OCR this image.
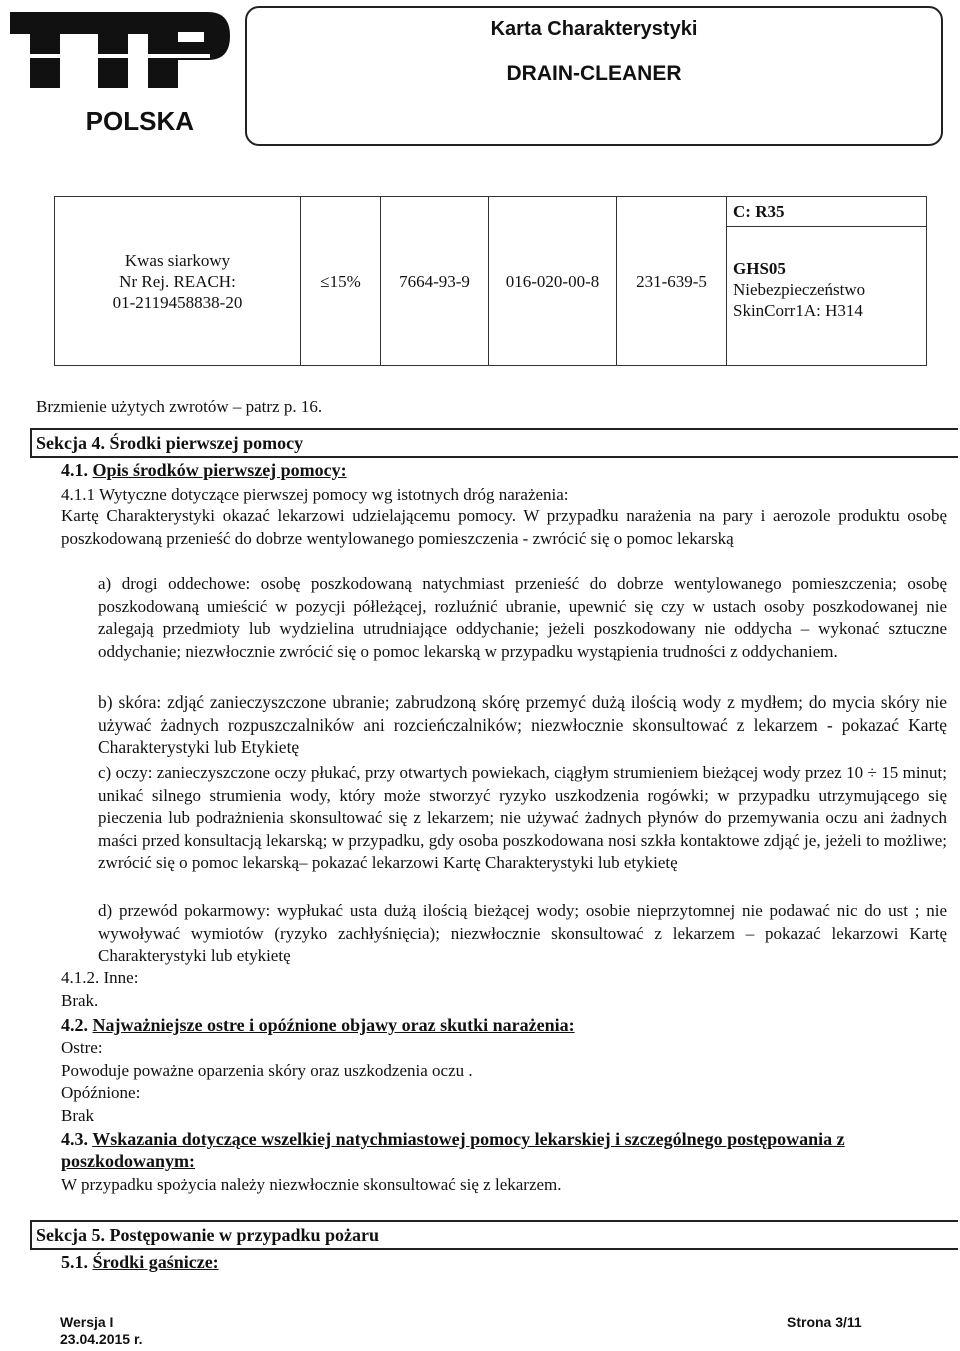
POLSKA
Karta Charakterystyki
DRAIN-CLEANER
Kwas siarkowy
Nr Rej. REACH:
01-2119458838-20
	≤15%	7664-93-9	016-020-00-8	231-639-5	
C: R35
GHS05
Niebezpieczeństwo
SkinCorr1A: H314
Brzmienie użytych zwrotów – patrz p. 16.
Sekcja 4. Środki pierwszej pomocy
4.1. Opis środków pierwszej pomocy:
4.1.1 Wytyczne dotyczące pierwszej pomocy wg istotnych dróg narażenia:
Kartę Charakterystyki okazać lekarzowi udzielającemu pomocy. W przypadku narażenia na pary i aerozole produktu osobę poszkodowaną przenieść do dobrze wentylowanego pomieszczenia - zwrócić się o pomoc lekarską
a) drogi oddechowe: osobę poszkodowaną natychmiast przenieść do dobrze wentylowanego pomieszczenia; osobę poszkodowaną umieścić w pozycji półleżącej, rozluźnić ubranie, upewnić się czy w ustach osoby poszkodowanej nie zalegają przedmioty lub wydzielina utrudniające oddychanie; jeżeli poszkodowany nie oddycha – wykonać sztuczne oddychanie; niezwłocznie zwrócić się o pomoc lekarską w przypadku wystąpienia trudności z oddychaniem.
b) skóra: zdjąć zanieczyszczone ubranie; zabrudzoną skórę przemyć dużą ilością wody z mydłem; do mycia skóry nie używać żadnych rozpuszczalników ani rozcieńczalników; niezwłocznie skonsultować z lekarzem - pokazać Kartę Charakterystyki lub Etykietę
c) oczy: zanieczyszczone oczy płukać, przy otwartych powiekach, ciągłym strumieniem bieżącej wody przez 10 ÷ 15 minut; unikać silnego strumienia wody, który może stworzyć ryzyko uszkodzenia rogówki; w przypadku utrzymującego się pieczenia lub podrażnienia skonsultować się z lekarzem; nie używać żadnych płynów do przemywania oczu ani żadnych maści przed konsultacją lekarską; w przypadku, gdy osoba poszkodowana nosi szkła kontaktowe zdjąć je, jeżeli to możliwe; zwrócić się o pomoc lekarską– pokazać lekarzowi Kartę Charakterystyki lub etykietę
d) przewód pokarmowy: wypłukać usta dużą ilością bieżącej wody; osobie nieprzytomnej nie podawać nic do ust ; nie wywoływać wymiotów (ryzyko zachłyśnięcia); niezwłocznie skonsultować z lekarzem – pokazać lekarzowi Kartę Charakterystyki lub etykietę
4.1.2. Inne:
Brak.
4.2. Najważniejsze ostre i opóźnione objawy oraz skutki narażenia:
Ostre:
Powoduje poważne oparzenia skóry oraz uszkodzenia oczu .
Opóźnione:
Brak
4.3. Wskazania dotyczące wszelkiej natychmiastowej pomocy lekarskiej i szczególnego postępowania z
poszkodowanym:
W przypadku spożycia należy niezwłocznie skonsultować się z lekarzem.
Sekcja 5. Postępowanie w przypadku pożaru
5.1. Środki gaśnicze:
Wersja I
23.04.2015 r.
Strona 3/11
